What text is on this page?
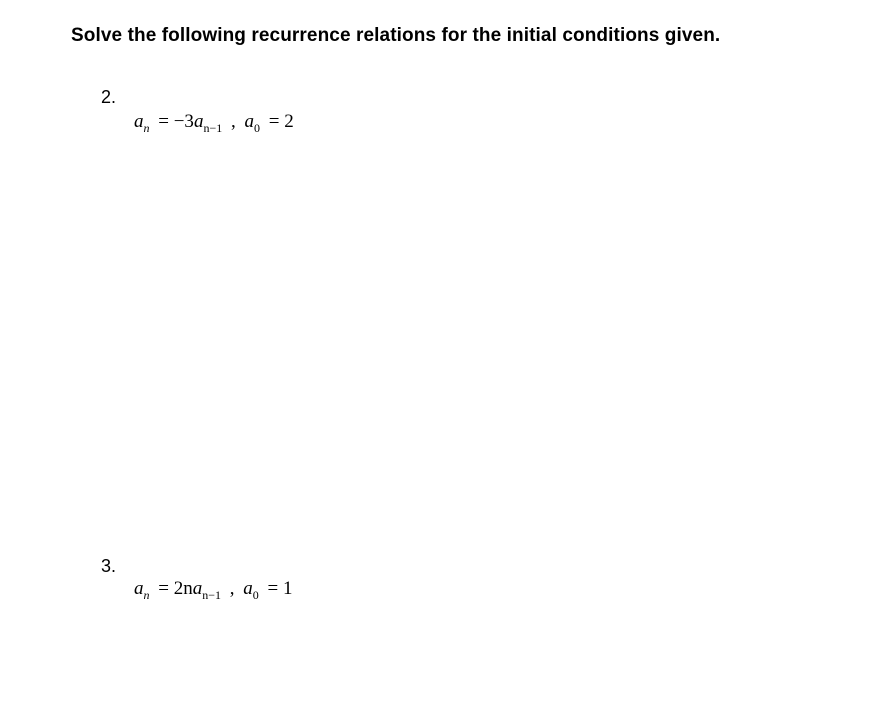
Solve the following recurrence relations for the initial conditions given.
2.
$a_n = -3a_{n-1}$ , $a_0 = 2$
3.
$a_n = 2na_{n-1}$ , $a_0 = 1$
